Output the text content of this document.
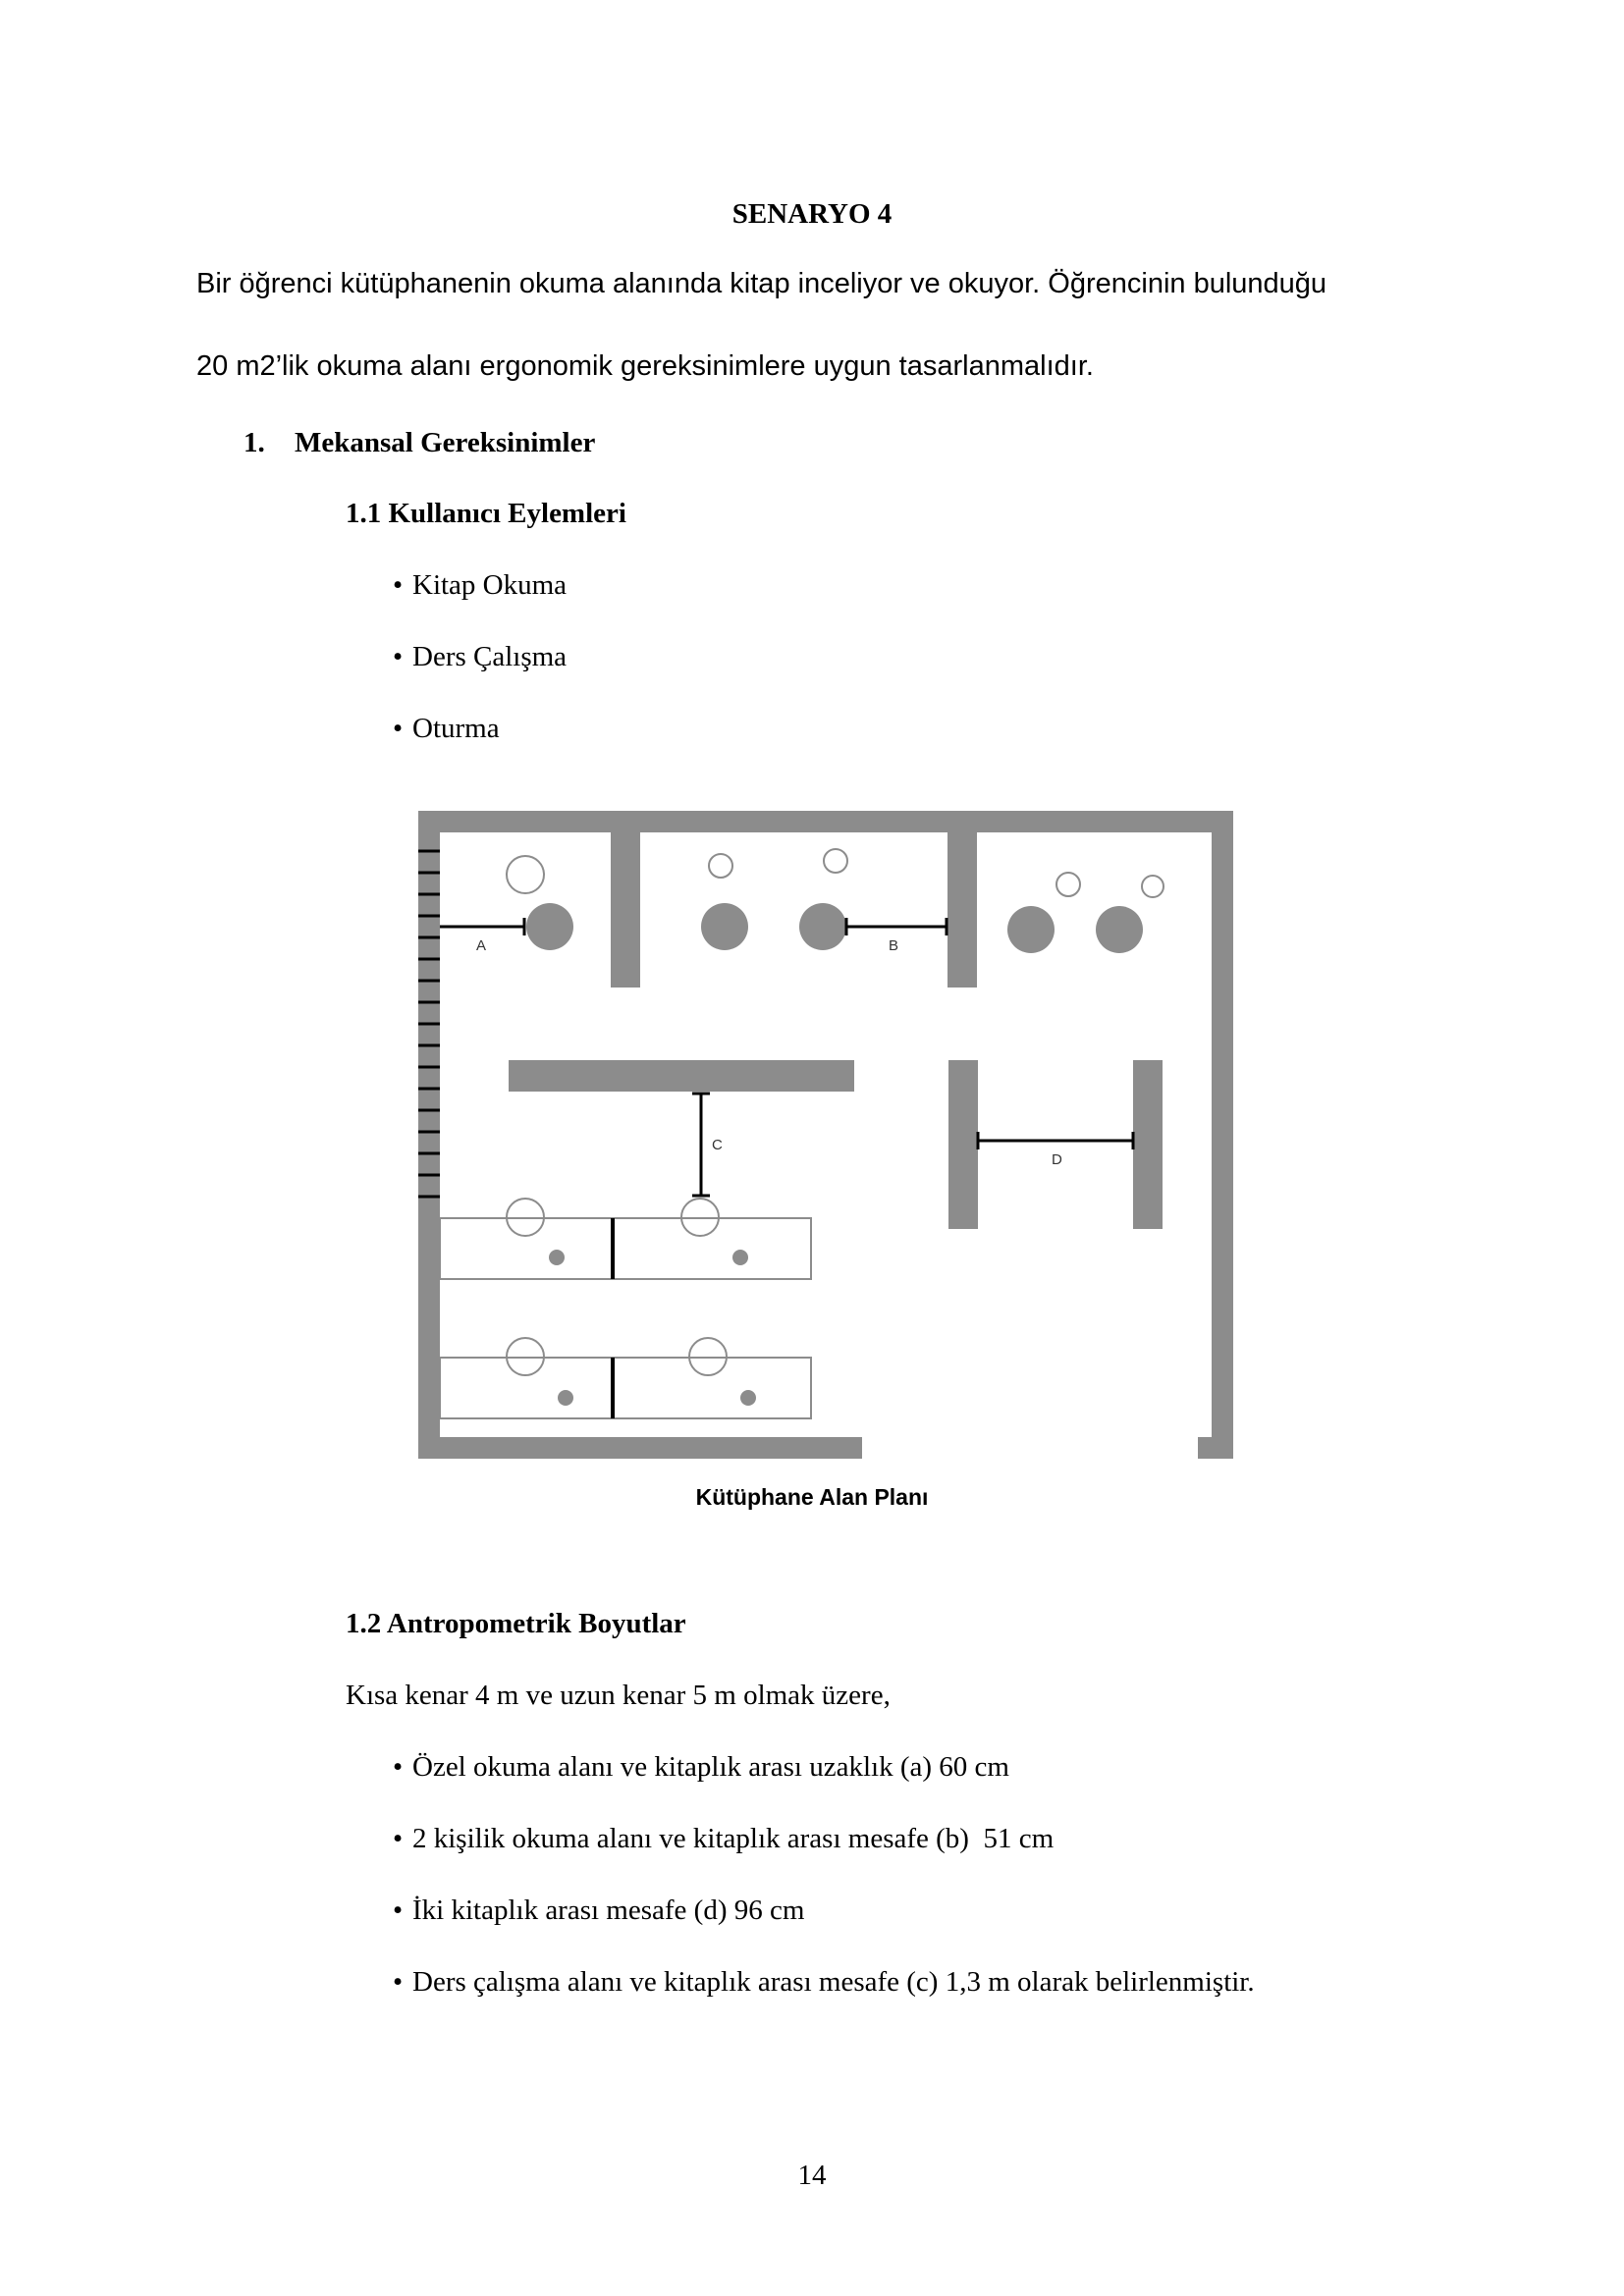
SENARYO 4
Bir öğrenci kütüphanenin okuma alanında kitap inceliyor ve okuyor. Öğrencinin bulunduğu
20 m2’lik okuma alanı ergonomik gereksinimlere uygun tasarlanmalıdır.
1. Mekansal Gereksinimler
1.1 Kullanıcı Eylemleri
• Kitap Okuma
• Ders Çalışma
• Oturma
A	B
C
D
Kütüphane Alan Planı
1.2 Antropometrik Boyutlar
Kısa kenar 4 m ve uzun kenar 5 m olmak üzere,
• Özel okuma alanı ve kitaplık arası uzaklık (a) 60 cm
• 2 kişilik okuma alanı ve kitaplık arası mesafe (b)  51 cm
• İki kitaplık arası mesafe (d) 96 cm
• Ders çalışma alanı ve kitaplık arası mesafe (c) 1,3 m olarak belirlenmiştir.
14
